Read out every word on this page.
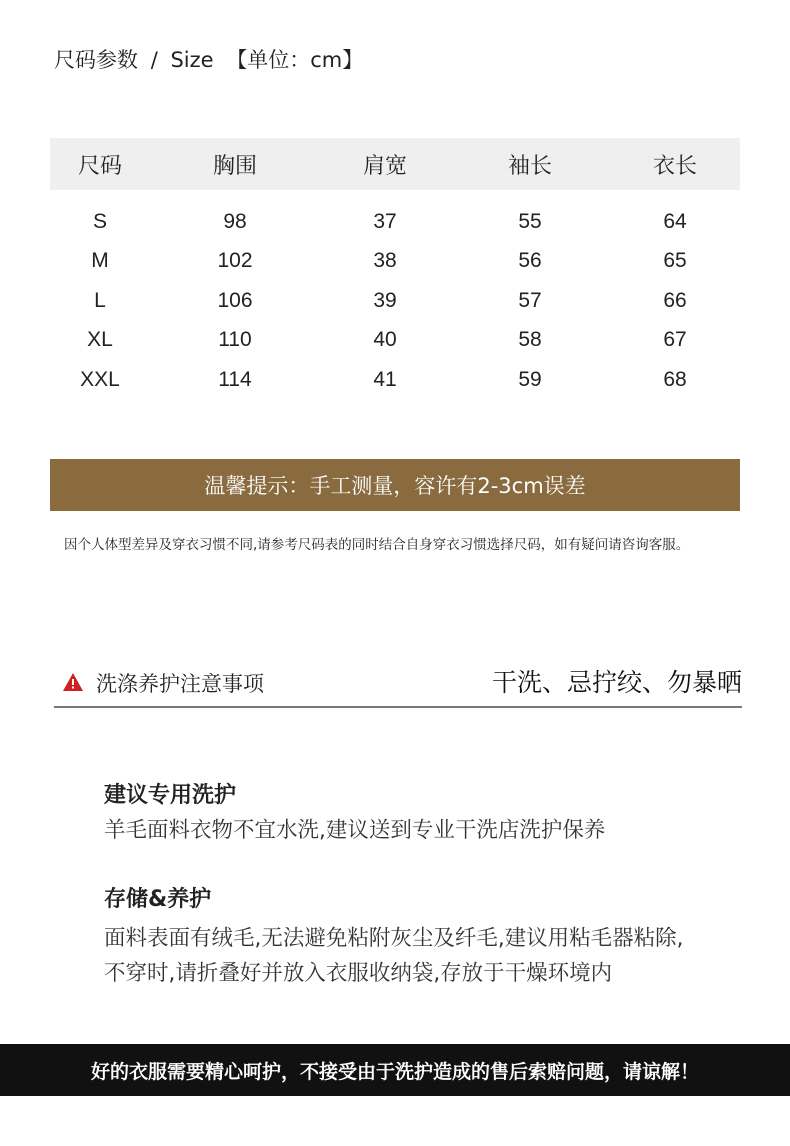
尺码参数 / Size 【单位：cm】
尺码	胸围	肩宽	袖长	衣长
S	98	37	55	64
M	102	38	56	65
L	106	39	57	66
XL	110	40	58	67
XXL	114	41	59	68
温馨提示：手工测量，容许有2-3cm误差
因个人体型差异及穿衣习惯不同,请参考尺码表的同时结合自身穿衣习惯选择尺码，如有疑问请咨询客服。
洗涤养护注意事项	干洗、忌拧绞、勿暴晒
建议专用洗护
羊毛面料衣物不宜水洗,建议送到专业干洗店洗护保养
存储&养护
面料表面有绒毛,无法避免粘附灰尘及纤毛,建议用粘毛器粘除,
不穿时,请折叠好并放入衣服收纳袋,存放于干燥环境内
好的衣服需要精心呵护，不接受由于洗护造成的售后索赔问题，请谅解！
